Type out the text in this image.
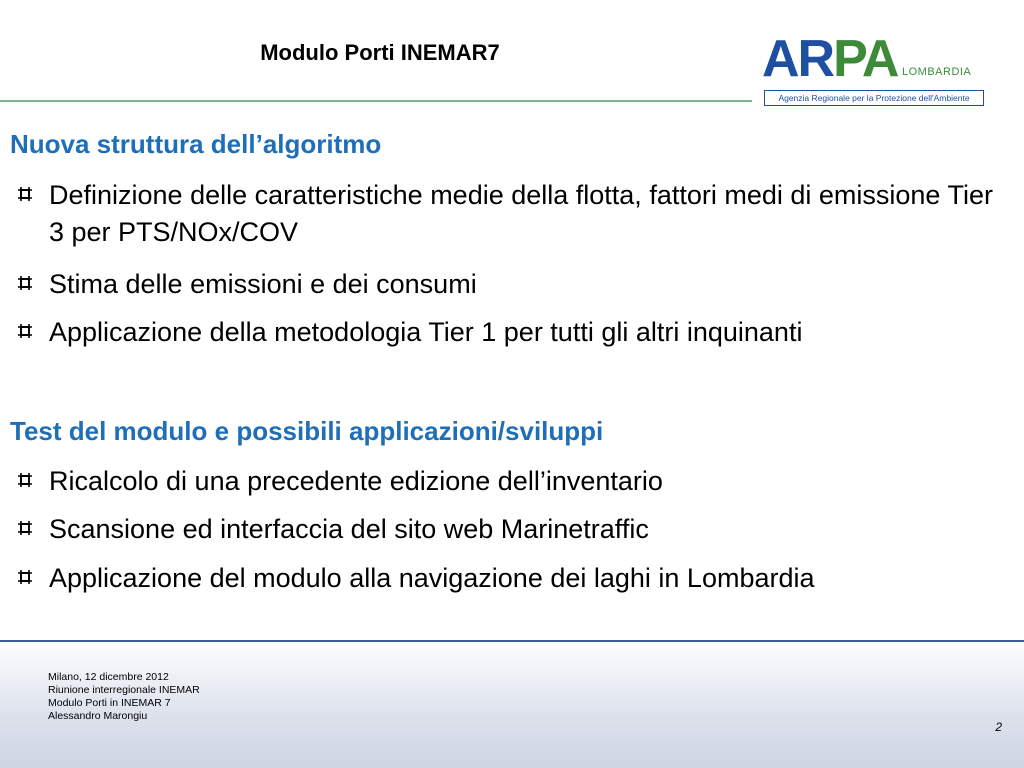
Modulo Porti INEMAR7	ARPA LOMBARDIA
Agenzia Regionale per la Protezione dell'Ambiente
Nuova struttura dell’algoritmo
Definizione delle caratteristiche medie della flotta, fattori medi di emissione Tier 3 per PTS/NOx/COV
Stima delle emissioni e dei consumi
Applicazione della metodologia Tier 1 per tutti gli altri inquinanti
Test del modulo e possibili applicazioni/sviluppi
Ricalcolo di una precedente edizione dell’inventario
Scansione ed interfaccia del sito web Marinetraffic
Applicazione del modulo alla navigazione dei laghi in Lombardia
Milano, 12 dicembre 2012
Riunione interregionale INEMAR
Modulo Porti in INEMAR 7
Alessandro Marongiu
2
